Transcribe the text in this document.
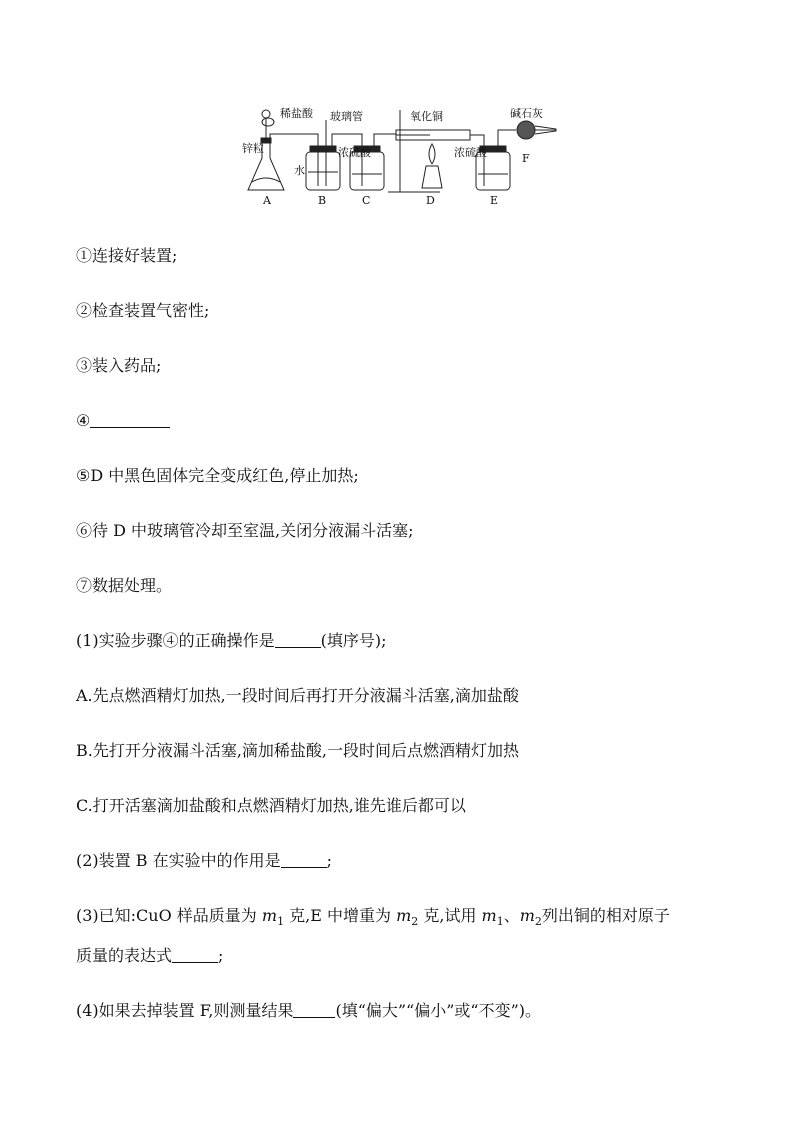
稀盐酸 玻璃管	氧化铜	碱石灰
锌粒
水
浓硫酸	浓硫酸
A	B	C	D	E
F
①连接好装置;
②检查装置气密性;
③装入药品;
④
⑤D 中黑色固体完全变成红色,停止加热;
⑥待 D 中玻璃管冷却至室温,关闭分液漏斗活塞;
⑦数据处理。
(1)实验步骤④的正确操作是	(填序号);
A.先点燃酒精灯加热,一段时间后再打开分液漏斗活塞,滴加盐酸
B.先打开分液漏斗活塞,滴加稀盐酸,一段时间后点燃酒精灯加热
C.打开活塞滴加盐酸和点燃酒精灯加热,谁先谁后都可以
(2)装置 B 在实验中的作用是	;
(3)已知:CuO 样品质量为 $m_1$ 克,E 中增重为 $m_2$ 克,试用 $m_1$、$m_2$列出铜的相对原子
质量的表达式	;
(4)如果去掉装置 F,则测量结果	(填“偏大”“偏小”或“不变”)。
